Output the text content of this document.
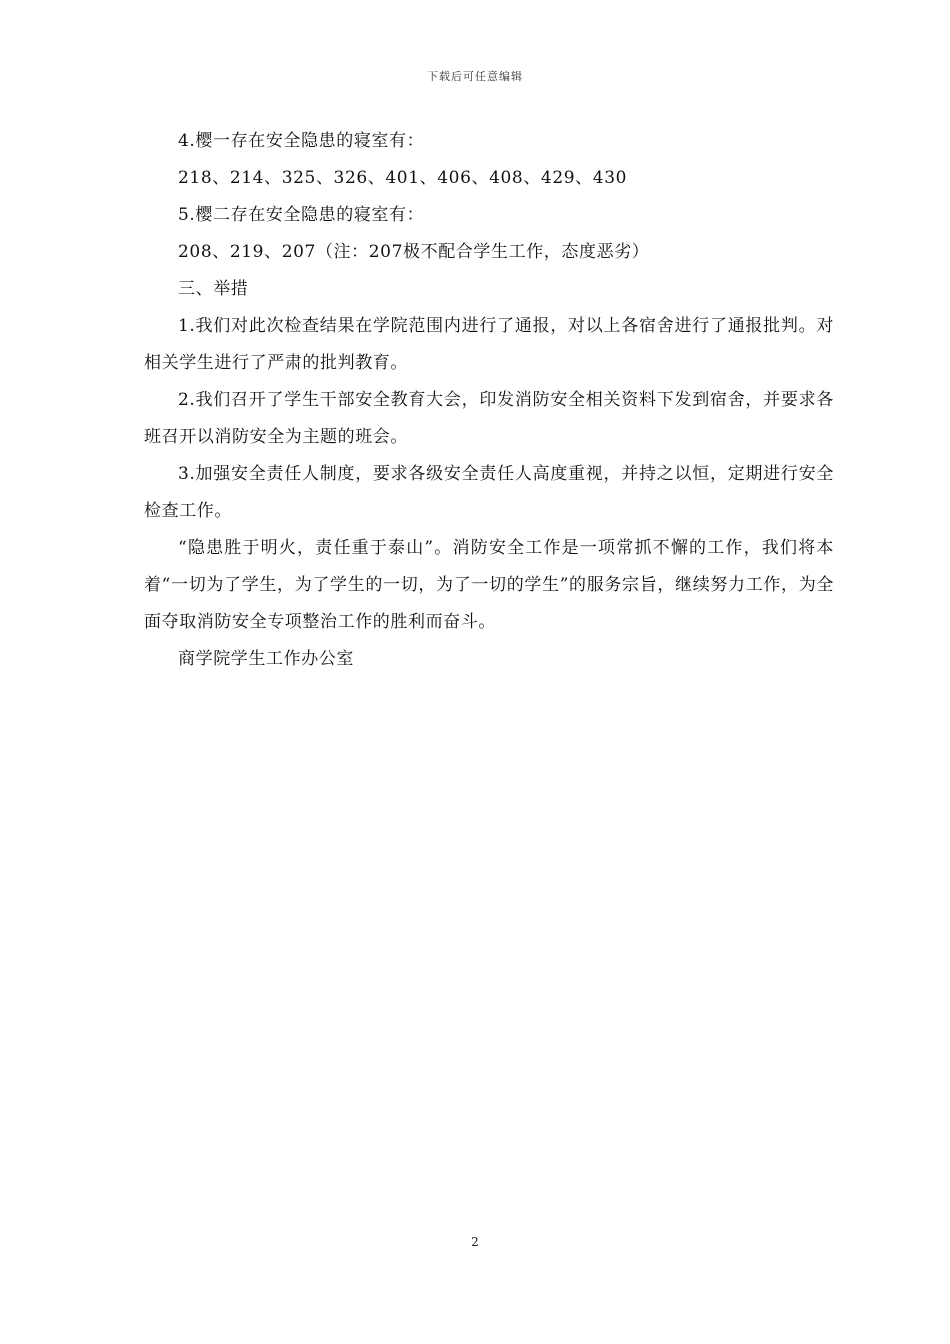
下载后可任意编辑

4.樱一存在安全隐患的寝室有：

218、214、325、326、401、406、408、429、430

5.樱二存在安全隐患的寝室有：

208、219、207（注：207极不配合学生工作，态度恶劣）

三、举措

1.我们对此次检查结果在学院范围内进行了通报，对以上各宿舍进行了通报批判。对相关学生进行了严肃的批判教育。

2.我们召开了学生干部安全教育大会，印发消防安全相关资料下发到宿舍，并要求各班召开以消防安全为主题的班会。

3.加强安全责任人制度，要求各级安全责任人高度重视，并持之以恒，定期进行安全检查工作。

“隐患胜于明火，责任重于泰山”。消防安全工作是一项常抓不懈的工作，我们将本着“一切为了学生，为了学生的一切，为了一切的学生”的服务宗旨，继续努力工作，为全面夺取消防安全专项整治工作的胜利而奋斗。

商学院学生工作办公室

2
